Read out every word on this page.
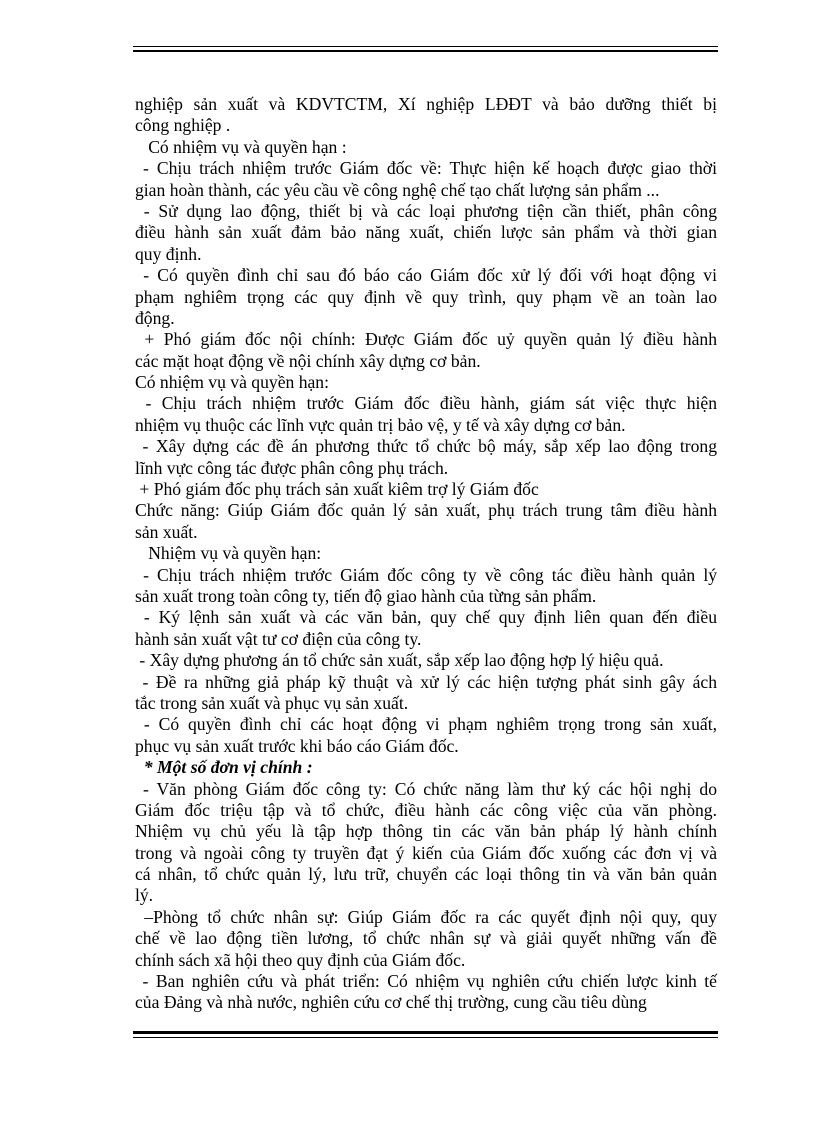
nghiệp sản xuất và KDVTCTM, Xí nghiệp LĐĐT và bảo dưỡng thiết bị
công nghiệp .
Có nhiệm vụ và quyền hạn :
- Chịu trách nhiệm trước Giám đốc về: Thực hiện kế hoạch được giao thời
gian hoàn thành, các yêu cầu về công nghệ chế tạo chất lượng sản phẩm ...
- Sử dụng lao động, thiết bị và các loại phương tiện cần thiết, phân công
điều hành sản xuất đảm bảo năng xuất, chiến lược sản phẩm và thời gian
quy định.
- Có quyền đình chỉ sau đó báo cáo Giám đốc xử lý đối với hoạt động vi
phạm nghiêm trọng các quy định về quy trình, quy phạm về an toàn lao
động.
+ Phó giám đốc nội chính: Được Giám đốc uỷ quyền quản lý điều hành
các mặt hoạt động về nội chính xây dựng cơ bản.
Có nhiệm vụ và quyền hạn:
- Chịu trách nhiệm trước Giám đốc điều hành, giám sát việc thực hiện
nhiệm vụ thuộc các lĩnh vực quản trị bảo vệ, y tế và xây dựng cơ bản.
- Xây dựng các đề án phương thức tổ chức bộ máy, sắp xếp lao động trong
lĩnh vực công tác được phân công phụ trách.
+ Phó giám đốc phụ trách sản xuất kiêm trợ lý Giám đốc
Chức năng: Giúp Giám đốc quản lý sản xuất, phụ trách trung tâm điều hành
sản xuất.
Nhiệm vụ và quyền hạn:
- Chịu trách nhiệm trước Giám đốc công ty về công tác điều hành quản lý
sản xuất trong toàn công ty, tiến độ giao hành của từng sản phẩm.
- Ký lệnh sản xuất và các văn bản, quy chế quy định liên quan đến điều
hành sản xuất vật tư cơ điện của công ty.
- Xây dựng phương án tổ chức sản xuất, sắp xếp lao động hợp lý hiệu quả.
- Đề ra những giả pháp kỹ thuật và xử lý các hiện tượng phát sinh gây ách
tắc trong sản xuất và phục vụ sản xuất.
- Có quyền đình chỉ các hoạt động vi phạm nghiêm trọng trong sản xuất,
phục vụ sản xuất trước khi báo cáo Giám đốc.
* Một số đơn vị chính :
- Văn phòng Giám đốc công ty: Có chức năng làm thư ký các hội nghị do
Giám đốc triệu tập và tổ chức, điều hành các công việc của văn phòng.
Nhiệm vụ chủ yếu là tập hợp thông tin các văn bản pháp lý hành chính
trong và ngoài công ty truyền đạt ý kiến của Giám đốc xuống các đơn vị và
cá nhân, tổ chức quản lý, lưu trữ, chuyển các loại thông tin và văn bản quản
lý.
–Phòng tổ chức nhân sự: Giúp Giám đốc ra các quyết định nội quy, quy
chế về lao động tiền lương, tổ chức nhân sự và giải quyết những vấn đề
chính sách xã hội theo quy định của Giám đốc.
- Ban nghiên cứu và phát triển: Có nhiệm vụ nghiên cứu chiến lược kinh tế
của Đảng và nhà nước, nghiên cứu cơ chế thị trường, cung cầu tiêu dùng
